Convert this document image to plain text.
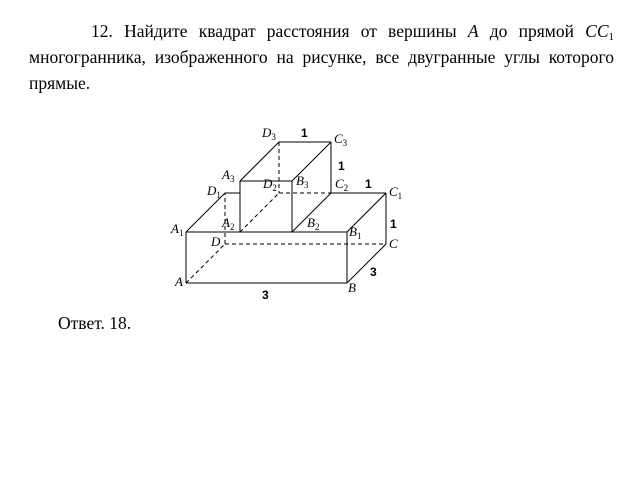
12. Найдите квадрат расстояния от вершины A до прямой $CC_1$ многогранника, изображенного на рисунке, все двугранные углы которого прямые.
$D_3$	$C_3$
$A_3$ $D_2$ $B_3$ $C_2$
$D_1$	$C_1$
$A_2$	$B_2$
$A_1$	$B_1$
D	C
A	B
1
1
1
1
3
3
Ответ. 18.
